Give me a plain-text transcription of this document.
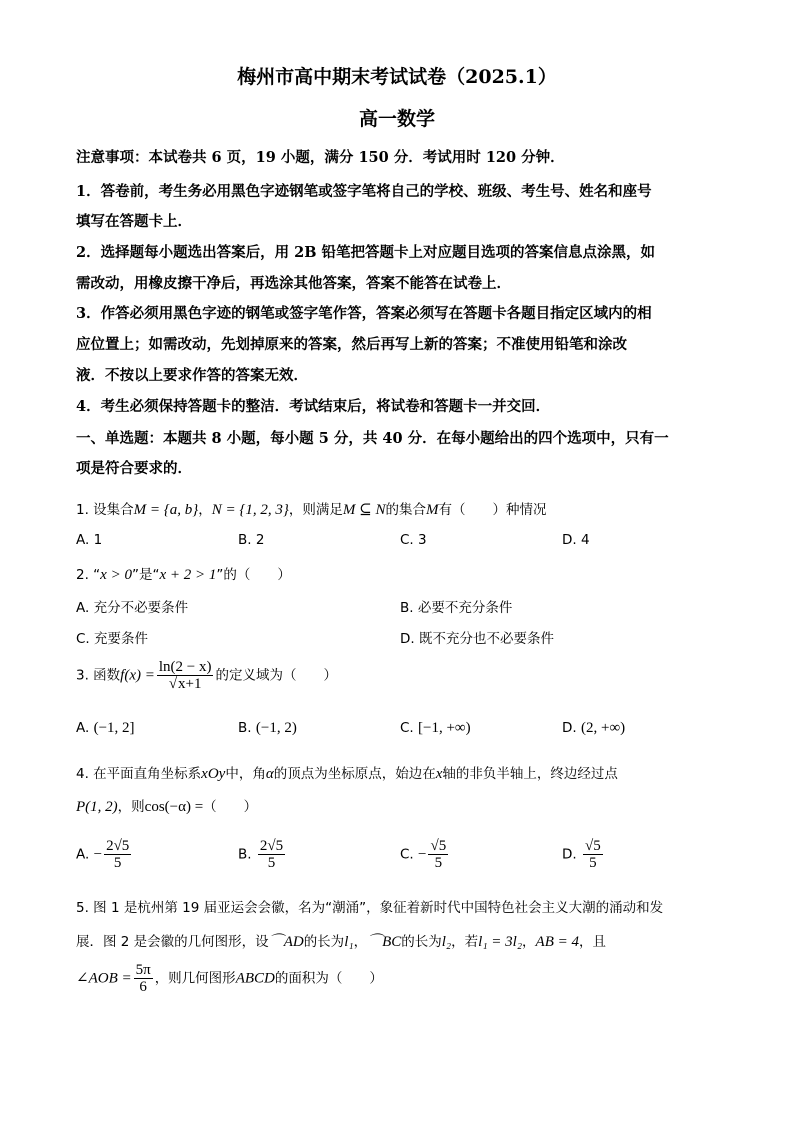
梅州市高中期末考试试卷（2025.1）
高一数学
注意事项：本试卷共 6 页，19 小题，满分 150 分．考试用时 120 分钟．
1．答卷前，考生务必用黑色字迹钢笔或签字笔将自己的学校、班级、考生号、姓名和座号
填写在答题卡上．
2．选择题每小题选出答案后，用 2B 铅笔把答题卡上对应题目选项的答案信息点涂黑，如
需改动，用橡皮擦干净后，再选涂其他答案，答案不能答在试卷上．
3．作答必须用黑色字迹的钢笔或签字笔作答，答案必须写在答题卡各题目指定区域内的相
应位置上；如需改动，先划掉原来的答案，然后再写上新的答案；不准使用铅笔和涂改
液．不按以上要求作答的答案无效．
4．考生必须保持答题卡的整洁．考试结束后，将试卷和答题卡一并交回．
一、单选题：本题共 8 小题，每小题 5 分，共 40 分．在每小题给出的四个选项中，只有一
项是符合要求的．
1. 设集合M = {a, b}，N = {1, 2, 3}，则满足M ⊆ N的集合M有（　　）种情况
A. 1	B. 2	C. 3	D. 4
2. “x > 0”是“x + 2 > 1”的（　　）
A. 充分不必要条件	B. 必要不充分条件
C. 充要条件	D. 既不充分也不必要条件
3. 函数$f(x) = \frac{\ln(2 - x)}{√x+1}$ 的定义域为（　　）
A. (−1, 2]	B. (−1, 2)	C. [−1, +∞)	D. (2, +∞)
4. 在平面直角坐标系xOy中，角α的顶点为坐标原点，始边在x轴的非负半轴上，终边经过点
P(1, 2)，则cos(−α) =（　　）
A. − $\frac{2√5}{5}$	B. $\frac{2√5}{5}$	C. − $\frac{√5}{5}$	D. $\frac{√5}{5}$
5. 图 1 是杭州第 19 届亚运会会徽，名为“潮涌”，象征着新时代中国特色社会主义大潮的涌动和发
展．图 2 是会徽的几何图形，设⌒AD的长为l₁，⌒BC的长为l₂，若l₁ = 3l₂，AB = 4，且
∠AOB = $\frac{5\pi}{6}$ ，则几何图形ABCD的面积为（　　）
